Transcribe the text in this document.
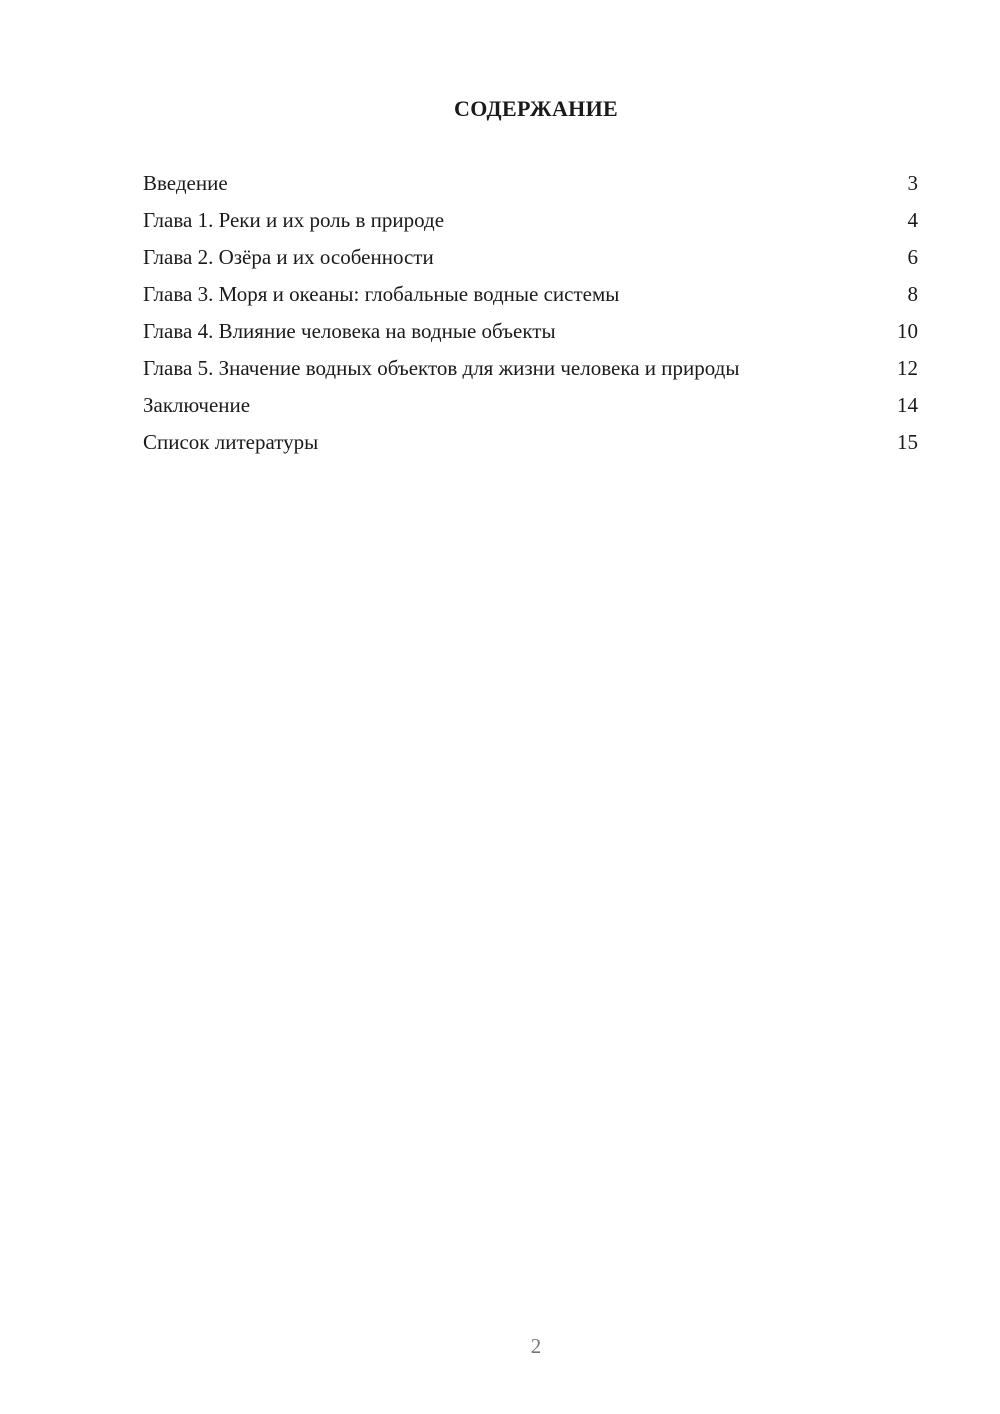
СОДЕРЖАНИЕ
Введение	3
Глава 1. Реки и их роль в природе	4
Глава 2. Озёра и их особенности	6
Глава 3. Моря и океаны: глобальные водные системы	8
Глава 4. Влияние человека на водные объекты	10
Глава 5. Значение водных объектов для жизни человека и природы	12
Заключение	14
Список литературы	15
2
